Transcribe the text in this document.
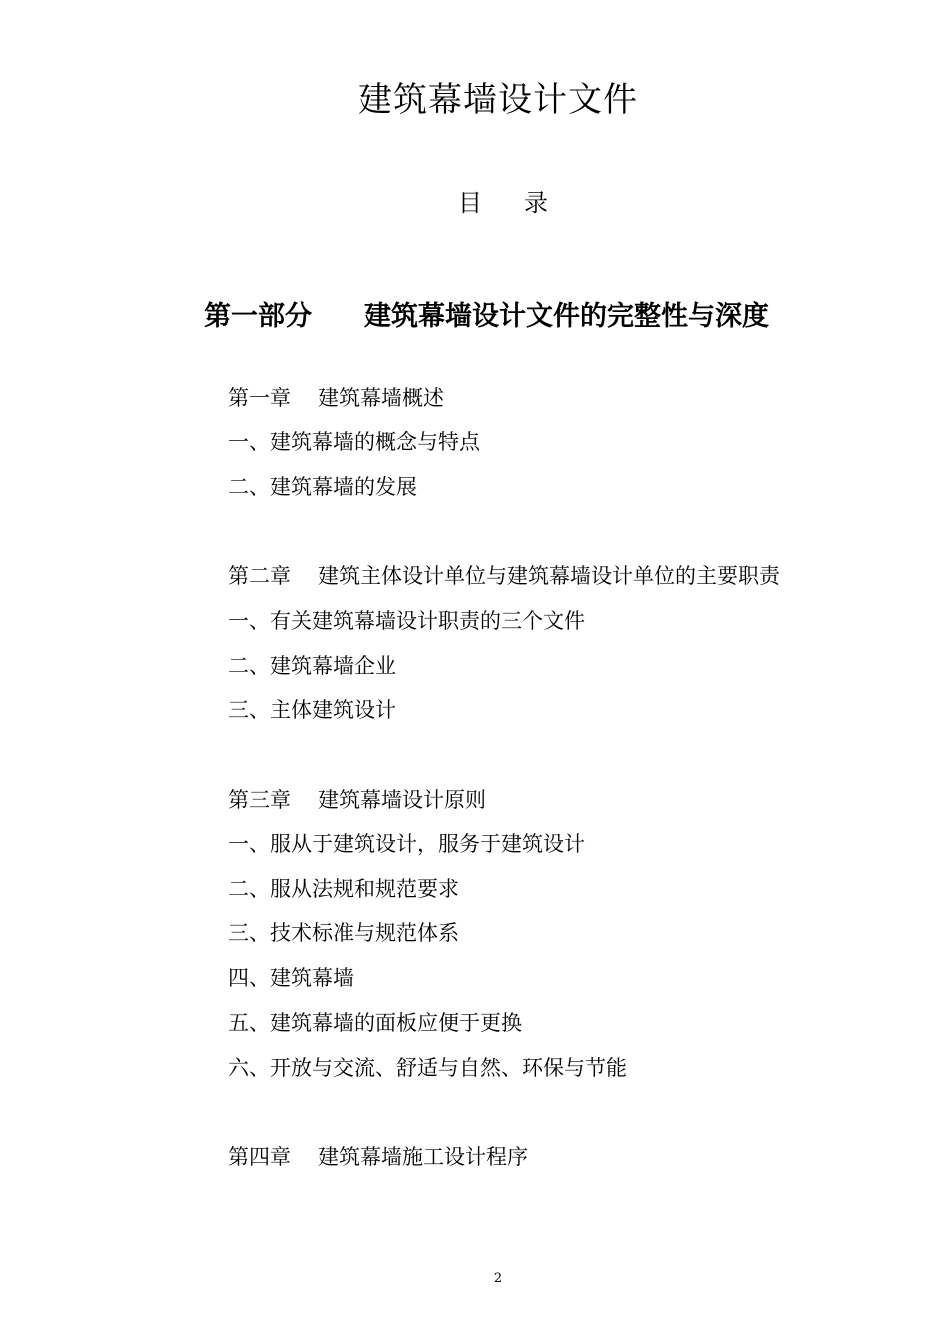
建筑幕墙设计文件
目 录
第一部分 建筑幕墙设计文件的完整性与深度
第一章 建筑幕墙概述
一、建筑幕墙的概念与特点
二、建筑幕墙的发展
第二章 建筑主体设计单位与建筑幕墙设计单位的主要职责
一、有关建筑幕墙设计职责的三个文件
二、建筑幕墙企业
三、主体建筑设计
第三章 建筑幕墙设计原则
一、服从于建筑设计，服务于建筑设计
二、服从法规和规范要求
三、技术标准与规范体系
四、建筑幕墙
五、建筑幕墙的面板应便于更换
六、开放与交流、舒适与自然、环保与节能
第四章 建筑幕墙施工设计程序
2
